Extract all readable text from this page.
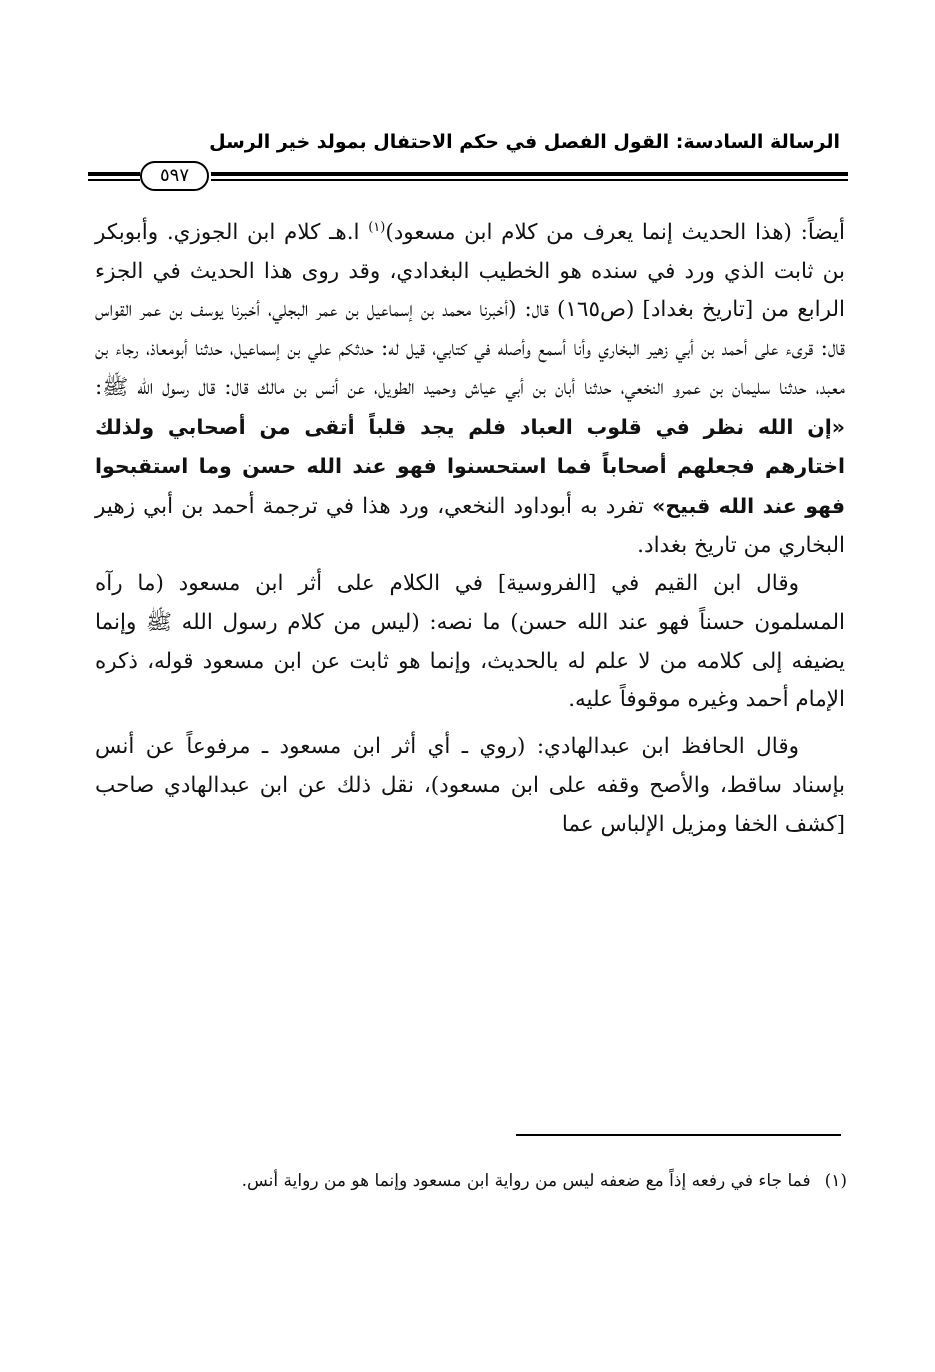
الرسالة السادسة: القول الفصل في حكم الاحتفال بمولد خير الرسل
٥٩٧

أيضاً: (هذا الحديث إنما يعرف من كلام ابن مسعود)$^{(١)}$ ا.هـ كلام ابن الجوزي. وأبوبكر بن ثابت الذي ورد في سنده هو الخطيب البغدادي، وقد روى هذا الحديث في الجزء الرابع من [تاريخ بغداد] (ص١٦٥) قال: (أخبرنا محمد بن إسماعيل بن عمر البجلي، أخبرنا يوسف بن عمر القواس قال: قرىء على أحمد بن أبي زهير البخاري وأنا أسمع وأصله في كتابي، قيل له: حدثكم علي بن إسماعيل، حدثنا أبومعاذ، رجاء بن معبد، حدثنا سليمان بن عمرو النخعي، حدثنا أبان بن أبي عياش وحميد الطويل، عن أنس بن مالك قال: قال رسول الله ﷺ: «إن الله نظر في قلوب العباد فلم يجد قلباً أتقى من أصحابي ولذلك اختارهم فجعلهم أصحاباً فما استحسنوا فهو عند الله حسن وما استقبحوا فهو عند الله قبيح» تفرد به أبوداود النخعي، ورد هذا في ترجمة أحمد بن أبي زهير البخاري من تاريخ بغداد.

وقال ابن القيم في [الفروسية] في الكلام على أثر ابن مسعود (ما رآه المسلمون حسناً فهو عند الله حسن) ما نصه: (ليس من كلام رسول الله ﷺ وإنما يضيفه إلى كلامه من لا علم له بالحديث، وإنما هو ثابت عن ابن مسعود قوله، ذكره الإمام أحمد وغيره موقوفاً عليه.

وقال الحافظ ابن عبدالهادي: (روي ـ أي أثر ابن مسعود ـ مرفوعاً عن أنس بإسناد ساقط، والأصح وقفه على ابن مسعود)، نقل ذلك عن ابن عبدالهادي صاحب [كشف الخفا ومزيل الإلباس عما

(١)فما جاء في رفعه إذاً مع ضعفه ليس من رواية ابن مسعود وإنما هو من رواية أنس.
